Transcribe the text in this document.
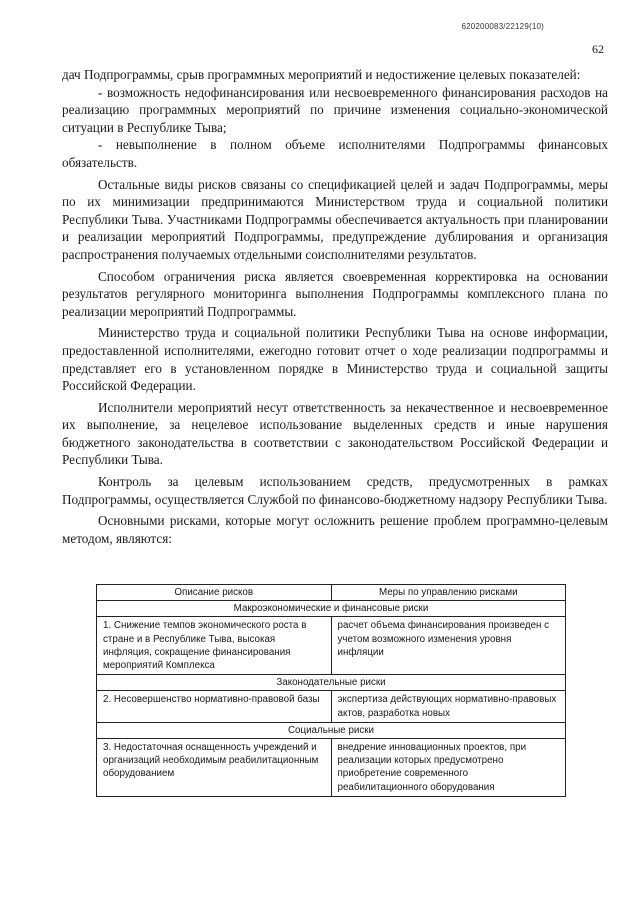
620200083/22129(10)
62

дач Подпрограммы, срыв программных мероприятий и недостижение целевых показателей:

- возможность недофинансирования или несвоевременного финансирования расходов на реализацию программных мероприятий по причине изменения социально-экономической ситуации в Республике Тыва;

- невыполнение в полном объеме исполнителями Подпрограммы финансовых обязательств.

Остальные виды рисков связаны со спецификацией целей и задач Подпрограммы, меры по их минимизации предпринимаются Министерством труда и социальной политики Республики Тыва. Участниками Подпрограммы обеспечивается актуальность при планировании и реализации мероприятий Подпрограммы, предупреждение дублирования и организация распространения получаемых отдельными соисполнителями результатов.

Способом ограничения риска является своевременная корректировка на основании результатов регулярного мониторинга выполнения Подпрограммы комплексного плана по реализации мероприятий Подпрограммы.

Министерство труда и социальной политики Республики Тыва на основе информации, предоставленной исполнителями, ежегодно готовит отчет о ходе реализации подпрограммы и представляет его в установленном порядке в Министерство труда и социальной защиты Российской Федерации.

Исполнители мероприятий несут ответственность за некачественное и несвоевременное их выполнение, за нецелевое использование выделенных средств и иные нарушения бюджетного законодательства в соответствии с законодательством Российской Федерации и Республики Тыва.

Контроль за целевым использованием средств, предусмотренных в рамках Подпрограммы, осуществляется Службой по финансово-бюджетному надзору Республики Тыва.

Основными рисками, которые могут осложнить решение проблем программно-целевым методом, являются:

Описание рисков	Меры по управлению рисками
Макроэкономические и финансовые риски	
1. Снижение темпов экономического роста в стране и в Республике Тыва, высокая инфляция, сокращение финансирования мероприятий Комплекса	расчет объема финансирования произведен с учетом возможного изменения уровня инфляции
Законодательные риски	
2. Несовершенство нормативно-правовой базы	экспертиза действующих нормативно-правовых актов, разработка новых
Социальные риски	
3. Недостаточная оснащенность учреждений и организаций необходимым реабилитационным оборудованием	внедрение инновационных проектов, при реализации которых предусмотрено приобретение современного реабилитационного оборудования
